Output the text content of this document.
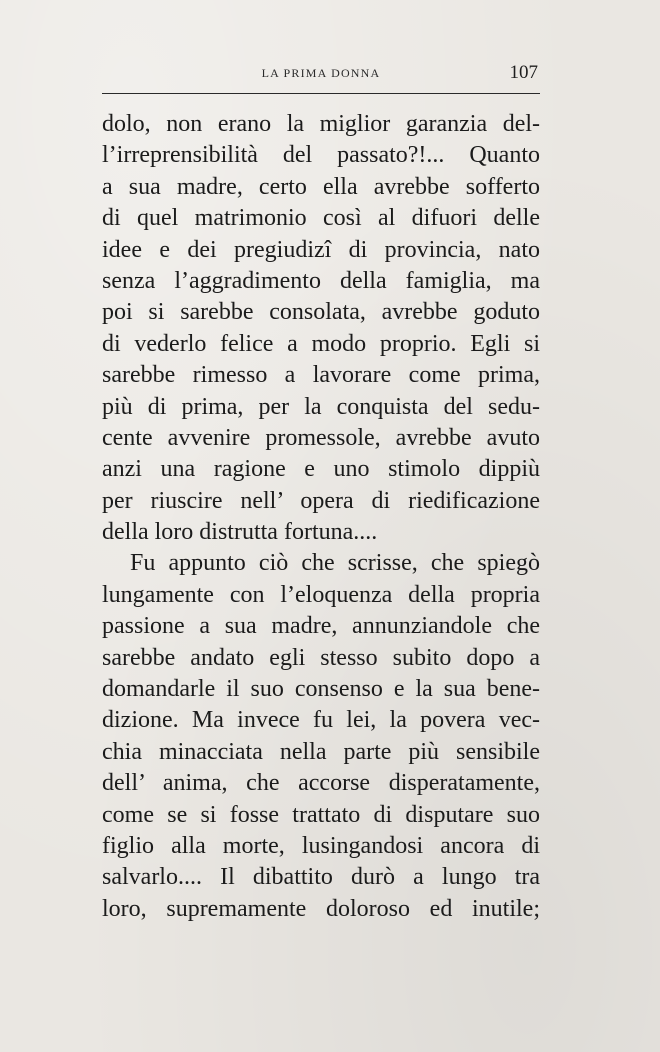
LA PRIMA DONNA	107
dolo, non erano la miglior garanzia del-
l’irreprensibilità del passato?!... Quanto
a sua madre, certo ella avrebbe sofferto
di quel matrimonio così al difuori delle
idee e dei pregiudizî di provincia, nato
senza l’aggradimento della famiglia, ma
poi si sarebbe consolata, avrebbe goduto
di vederlo felice a modo proprio. Egli si
sarebbe rimesso a lavorare come prima,
più di prima, per la conquista del sedu-
cente avvenire promessole, avrebbe avuto
anzi una ragione e uno stimolo dippiù
per riuscire nell’ opera di riedificazione
della loro distrutta fortuna....
Fu appunto ciò che scrisse, che spiegò
lungamente con l’eloquenza della propria
passione a sua madre, annunziandole che
sarebbe andato egli stesso subito dopo a
domandarle il suo consenso e la sua bene-
dizione. Ma invece fu lei, la povera vec-
chia minacciata nella parte più sensibile
dell’ anima, che accorse disperatamente,
come se si fosse trattato di disputare suo
figlio alla morte, lusingandosi ancora di
salvarlo.... Il dibattito durò a lungo tra
loro, supremamente doloroso ed inutile;
